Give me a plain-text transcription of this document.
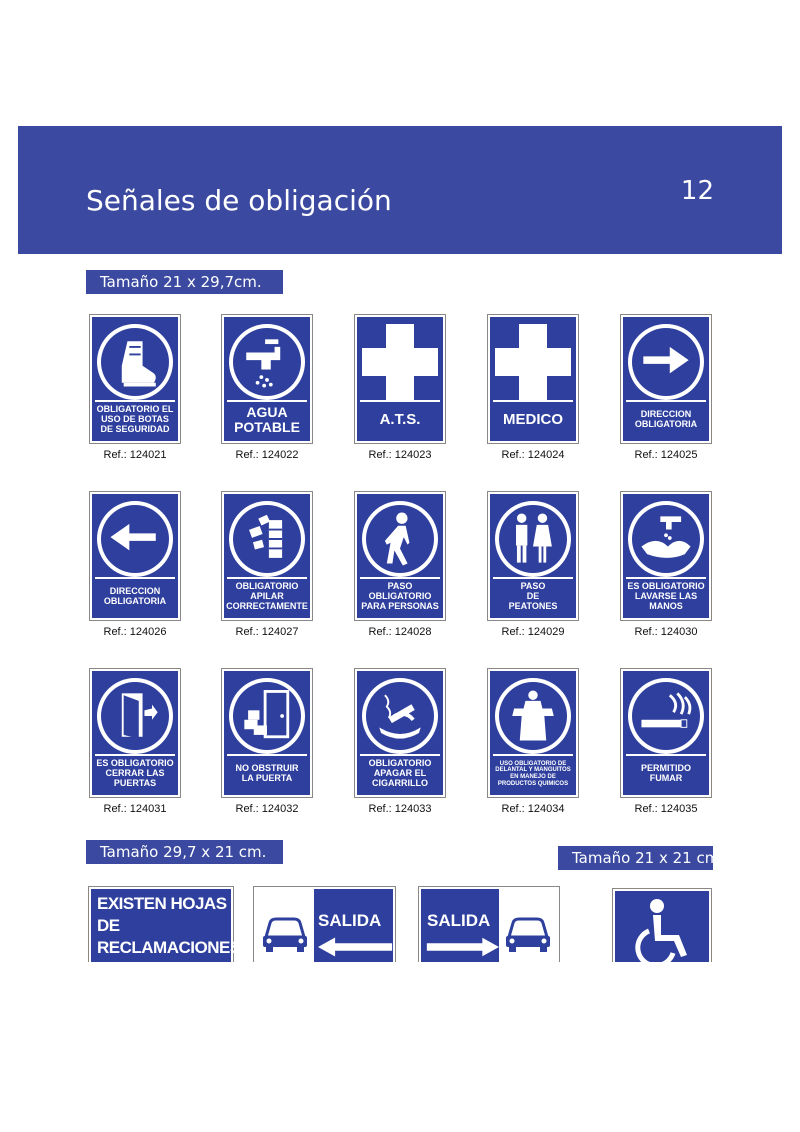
Señales de obligación	12
Tamaño 21 x 29,7cm.
OBLIGATORIO EL
USO DE BOTAS
DE SEGURIDAD
Ref.: 124021
AGUA
POTABLE
Ref.: 124022
A.T.S.
Ref.: 124023
MEDICO
Ref.: 124024
DIRECCION
OBLIGATORIA
Ref.: 124025
DIRECCION
OBLIGATORIA
Ref.: 124026
OBLIGATORIO APILAR
CORRECTAMENTE
Ref.: 124027
PASO OBLIGATORIO
PARA PERSONAS
Ref.: 124028
PASO
DE
PEATONES
Ref.: 124029
ES OBLIGATORIO
LAVARSE LAS MANOS
Ref.: 124030
ES OBLIGATORIO
CERRAR LAS PUERTAS
Ref.: 124031
NO OBSTRUIR
LA PUERTA
Ref.: 124032
OBLIGATORIO
APAGAR EL
CIGARRILLO
Ref.: 124033
USO OBLIGATORIO DE
DELANTAL Y MANGUITOS
EN MANEJO DE
PRODUCTOS QUIMICOS
Ref.: 124034
PERMITIDO
FUMAR
Ref.: 124035
Tamaño 29,7 x 21 cm.	Tamaño 21 x 21 cm.
EXISTEN HOJAS DE
RECLAMACIONES A
DISPOSICION DE LOS
SALIDA	SALIDA
